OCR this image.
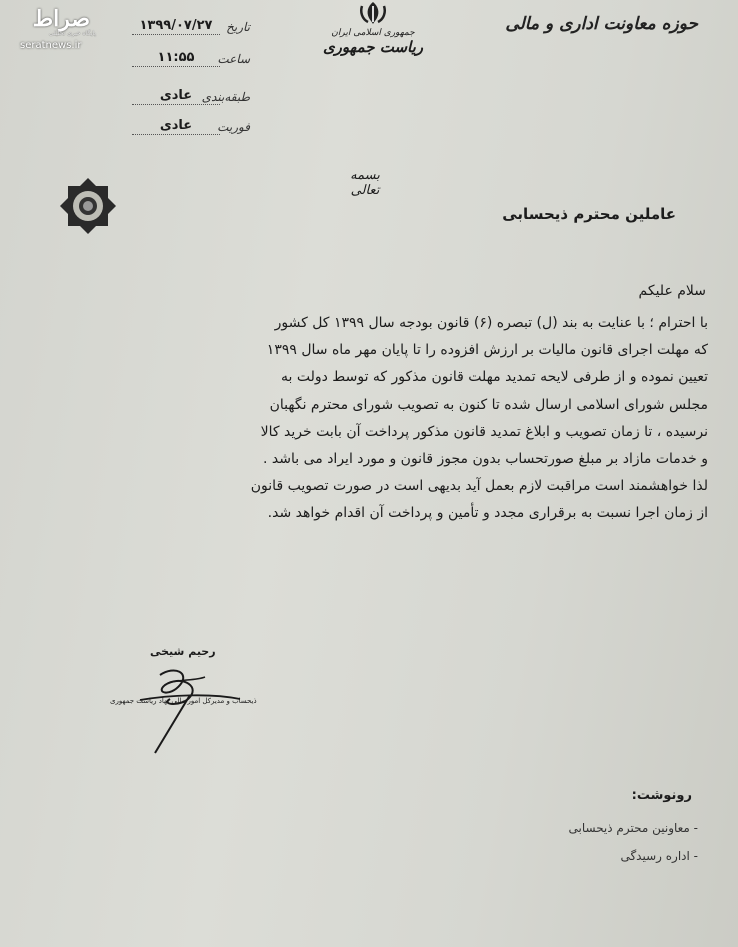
صراط
پایگاه خبری تحلیلی
seratnews.ir
حوزه معاونت اداری و مالی
جمهوری اسلامی ایران
ریاست جمهوری
تاریخ
۱۳۹۹/۰۷/۲۷
ساعت
۱۱:۵۵
طبقه‌بندی
عادی
فوریت
عادی
بسمه تعالی
عاملین محترم ذیحسابی
سلام علیکم

با احترام ؛ با عنایت به بند (ل) تبصره (۶) قانون بودجه سال ۱۳۹۹ کل کشور

که مهلت اجرای قانون مالیات بر ارزش افزوده را تا پایان مهر ماه سال ۱۳۹۹

تعیین نموده و از طرفی لایحه تمدید مهلت قانون مذکور که توسط دولت به

مجلس شورای اسلامی ارسال شده تا کنون به تصویب شورای محترم نگهبان

نرسیده ، تا زمان تصویب و ابلاغ تمدید قانون مذکور پرداخت آن بابت خرید کالا

و خدمات مازاد بر مبلغ صورتحساب بدون مجوز قانون و مورد ایراد می باشد .

لذا خواهشمند است مراقبت لازم بعمل آید بدیهی است در صورت تصویب قانون

از زمان اجرا نسبت به برقراری مجدد و تأمین و پرداخت آن اقدام خواهد شد.

رحیم شیخی
ذیحساب و مدیرکل امور مالی نهاد ریاست جمهوری
رونوشت:
- معاونین محترم ذیحسابی
- اداره رسیدگی
